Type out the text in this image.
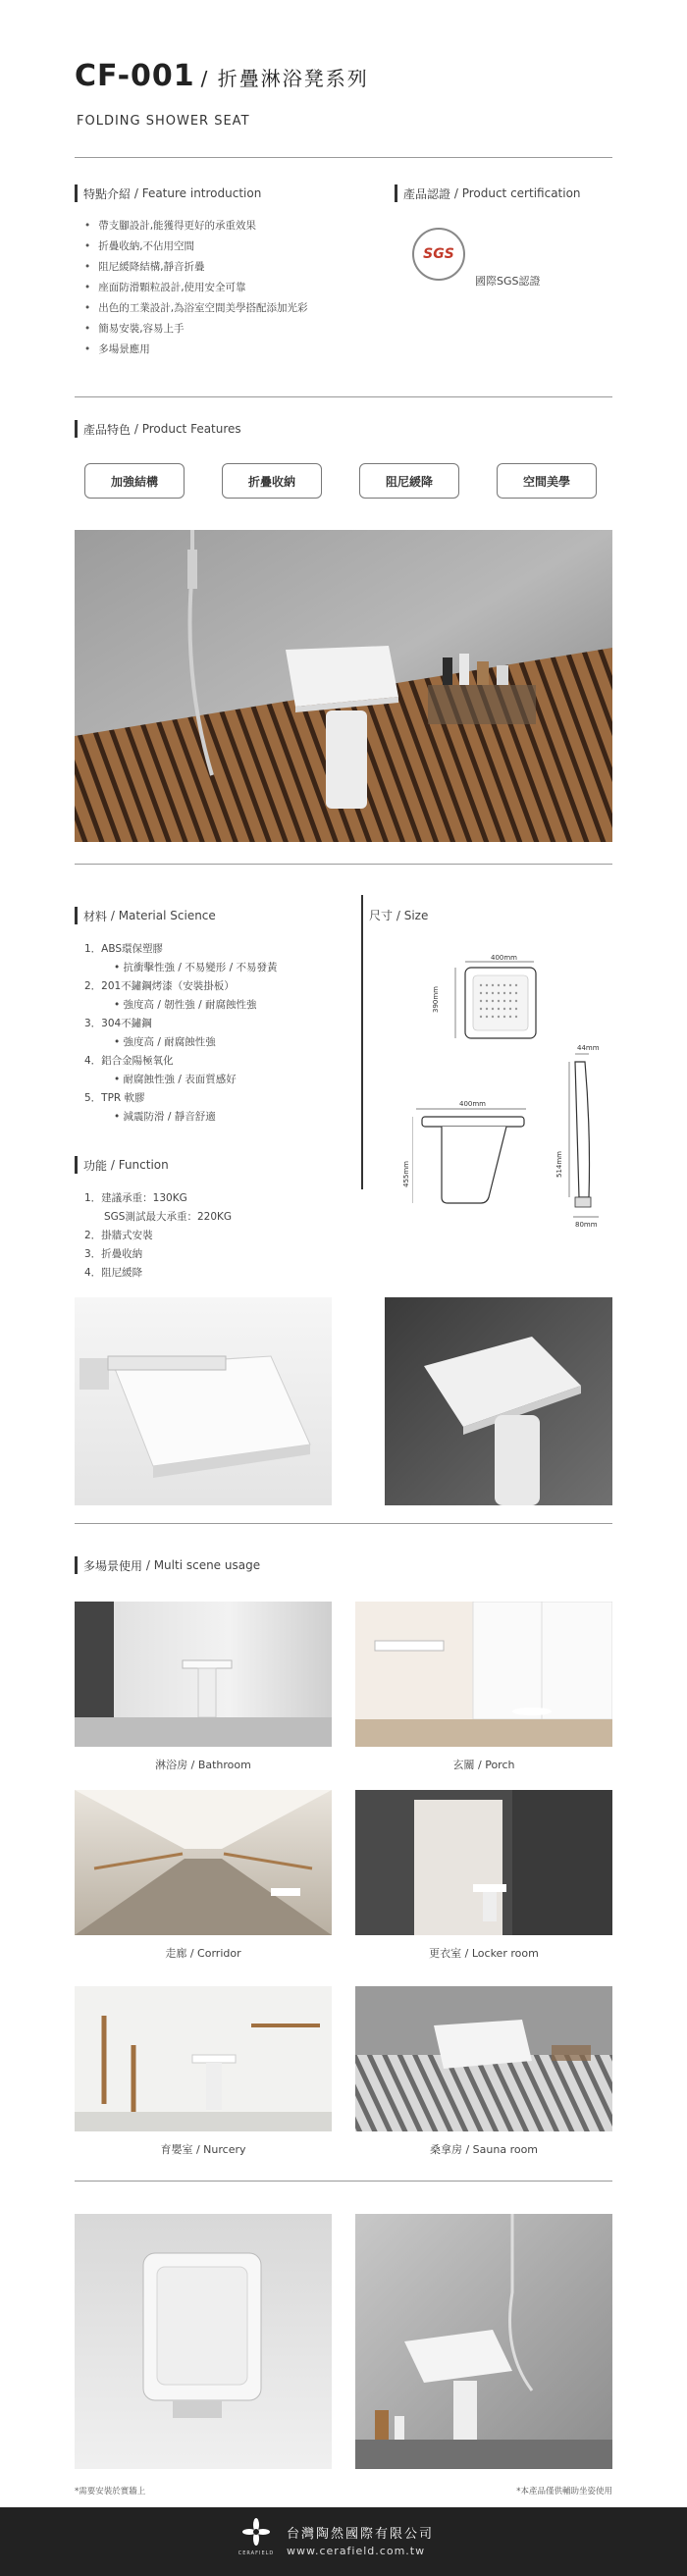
CF-001 / 折疊淋浴凳系列
FOLDING SHOWER SEAT
特點介紹
/ Feature introduction
• 帶支腳設計,能獲得更好的承重效果
• 折疊收納,不佔用空間
• 阻尼緩降結構,靜音折疊
• 座面防滑顆粒設計,使用安全可靠
• 出色的工業設計,為浴室空間美學搭配添加光彩
• 簡易安裝,容易上手
• 多場景應用
產品認證
/ Product certification
SGS
國際SGS認證
產品特色
/ Product Features
加強結構	折疊收納	阻尼緩降	空間美學
材料
/ Material Science
1．ABS環保塑膠
• 抗衝擊性強 / 不易變形 / 不易發黃
2．201不鏽鋼烤漆（安裝掛板）
• 強度高 / 韌性強 / 耐腐蝕性強
3．304不鏽鋼
• 強度高 / 耐腐蝕性強
4．鋁合金陽極氧化
• 耐腐蝕性強 / 表面質感好
5．TPR 軟膠
• 減震防滑 / 靜音舒適
功能
/ Function
1．建議承重：130KG
SGS測試最大承重：220KG
2．掛牆式安裝
3．折疊收納
4．阻尼緩降
尺寸
/ Size
400mm
390mm
400mm
455mm
44mm
514mm
80mm
多場景使用
/ Multi scene usage
淋浴房 / Bathroom	玄關 / Porch
走廊 / Corridor	更衣室 / Locker room
育嬰室 / Nurcery	桑拿房 / Sauna room
*需要安裝於實牆上	*本產品僅供輔助坐姿使用
CERAFIELD
台灣陶然國際有限公司
www.cerafield.com.tw
